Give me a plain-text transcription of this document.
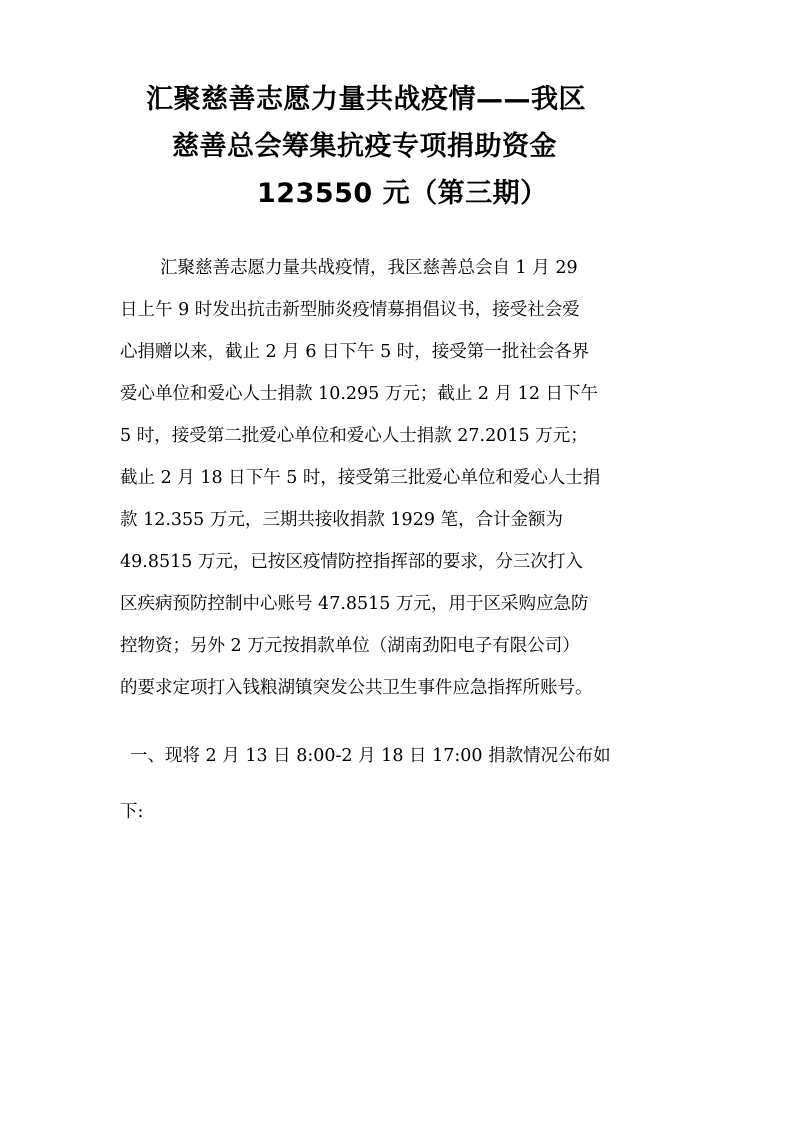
汇聚慈善志愿力量共战疫情——我区
慈善总会筹集抗疫专项捐助资金
123550 元（第三期）
汇聚慈善志愿力量共战疫情，我区慈善总会自 1 月 29
日上午 9 时发出抗击新型肺炎疫情募捐倡议书，接受社会爱
心捐赠以来，截止 2 月 6 日下午 5 时，接受第一批社会各界
爱心单位和爱心人士捐款 10.295 万元；截止 2 月 12 日下午
5 时，接受第二批爱心单位和爱心人士捐款 27.2015 万元；
截止 2 月 18 日下午 5 时，接受第三批爱心单位和爱心人士捐
款 12.355 万元，三期共接收捐款 1929 笔，合计金额为
49.8515 万元，已按区疫情防控指挥部的要求，分三次打入
区疾病预防控制中心账号 47.8515 万元，用于区采购应急防
控物资；另外 2 万元按捐款单位（湖南劲阳电子有限公司）
的要求定项打入钱粮湖镇突发公共卫生事件应急指挥所账号。
一、现将 2 月 13 日 8:00-2 月 18 日 17:00 捐款情况公布如
下:
